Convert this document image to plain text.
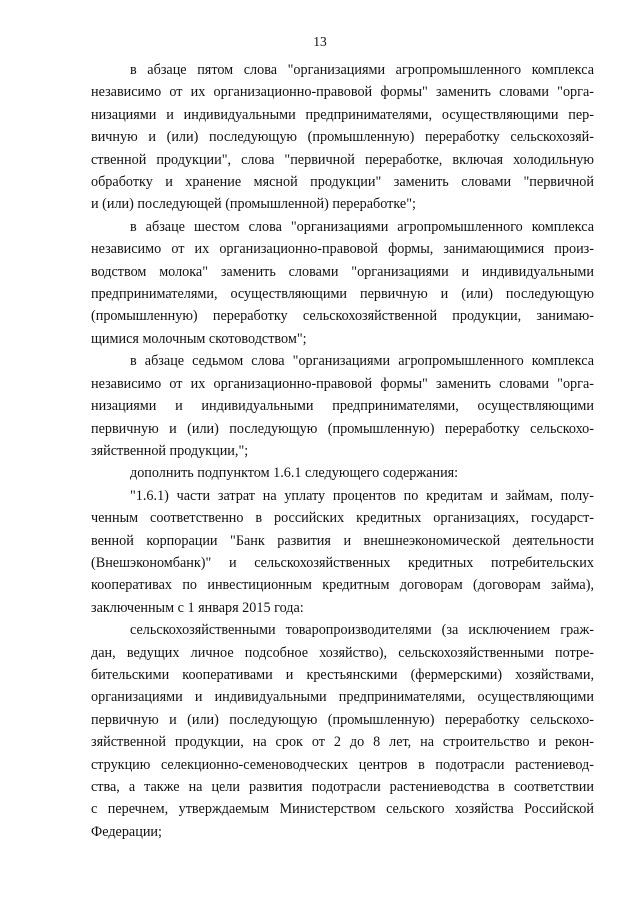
13

в абзаце пятом слова "организациями агропромышленного комплекса
независимо от их организационно-правовой формы" заменить словами "орга-
низациями и индивидуальными предпринимателями, осуществляющими пер-
вичную и (или) последующую (промышленную) переработку сельскохозяй-
ственной продукции", слова "первичной переработке, включая холодильную
обработку и хранение мясной продукции" заменить словами "первичной
и (или) последующей (промышленной) переработке";

в абзаце шестом слова "организациями агропромышленного комплекса
независимо от их организационно-правовой формы, занимающимися произ-
водством молока" заменить словами "организациями и индивидуальными
предпринимателями, осуществляющими первичную и (или) последующую
(промышленную) переработку сельскохозяйственной продукции, занимаю-
щимися молочным скотоводством";

в абзаце седьмом слова "организациями агропромышленного комплекса
независимо от их организационно-правовой формы" заменить словами "орга-
низациями и индивидуальными предпринимателями, осуществляющими
первичную и (или) последующую (промышленную) переработку сельскохо-
зяйственной продукции,";

дополнить подпунктом 1.6.1 следующего содержания:

"1.6.1) части затрат на уплату процентов по кредитам и займам, полу-
ченным соответственно в российских кредитных организациях, государст-
венной корпорации "Банк развития и внешнеэкономической деятельности
(Внешэкономбанк)" и сельскохозяйственных кредитных потребительских
кооперативах по инвестиционным кредитным договорам (договорам займа),
заключенным с 1 января 2015 года:

сельскохозяйственными товаропроизводителями (за исключением граж-
дан, ведущих личное подсобное хозяйство), сельскохозяйственными потре-
бительскими кооперативами и крестьянскими (фермерскими) хозяйствами,
организациями и индивидуальными предпринимателями, осуществляющими
первичную и (или) последующую (промышленную) переработку сельскохо-
зяйственной продукции, на срок от 2 до 8 лет, на строительство и рекон-
струкцию селекционно-семеноводческих центров в подотрасли растениевод-
ства, а также на цели развития подотрасли растениеводства в соответствии
с перечнем, утверждаемым Министерством сельского хозяйства Российской
Федерации;
